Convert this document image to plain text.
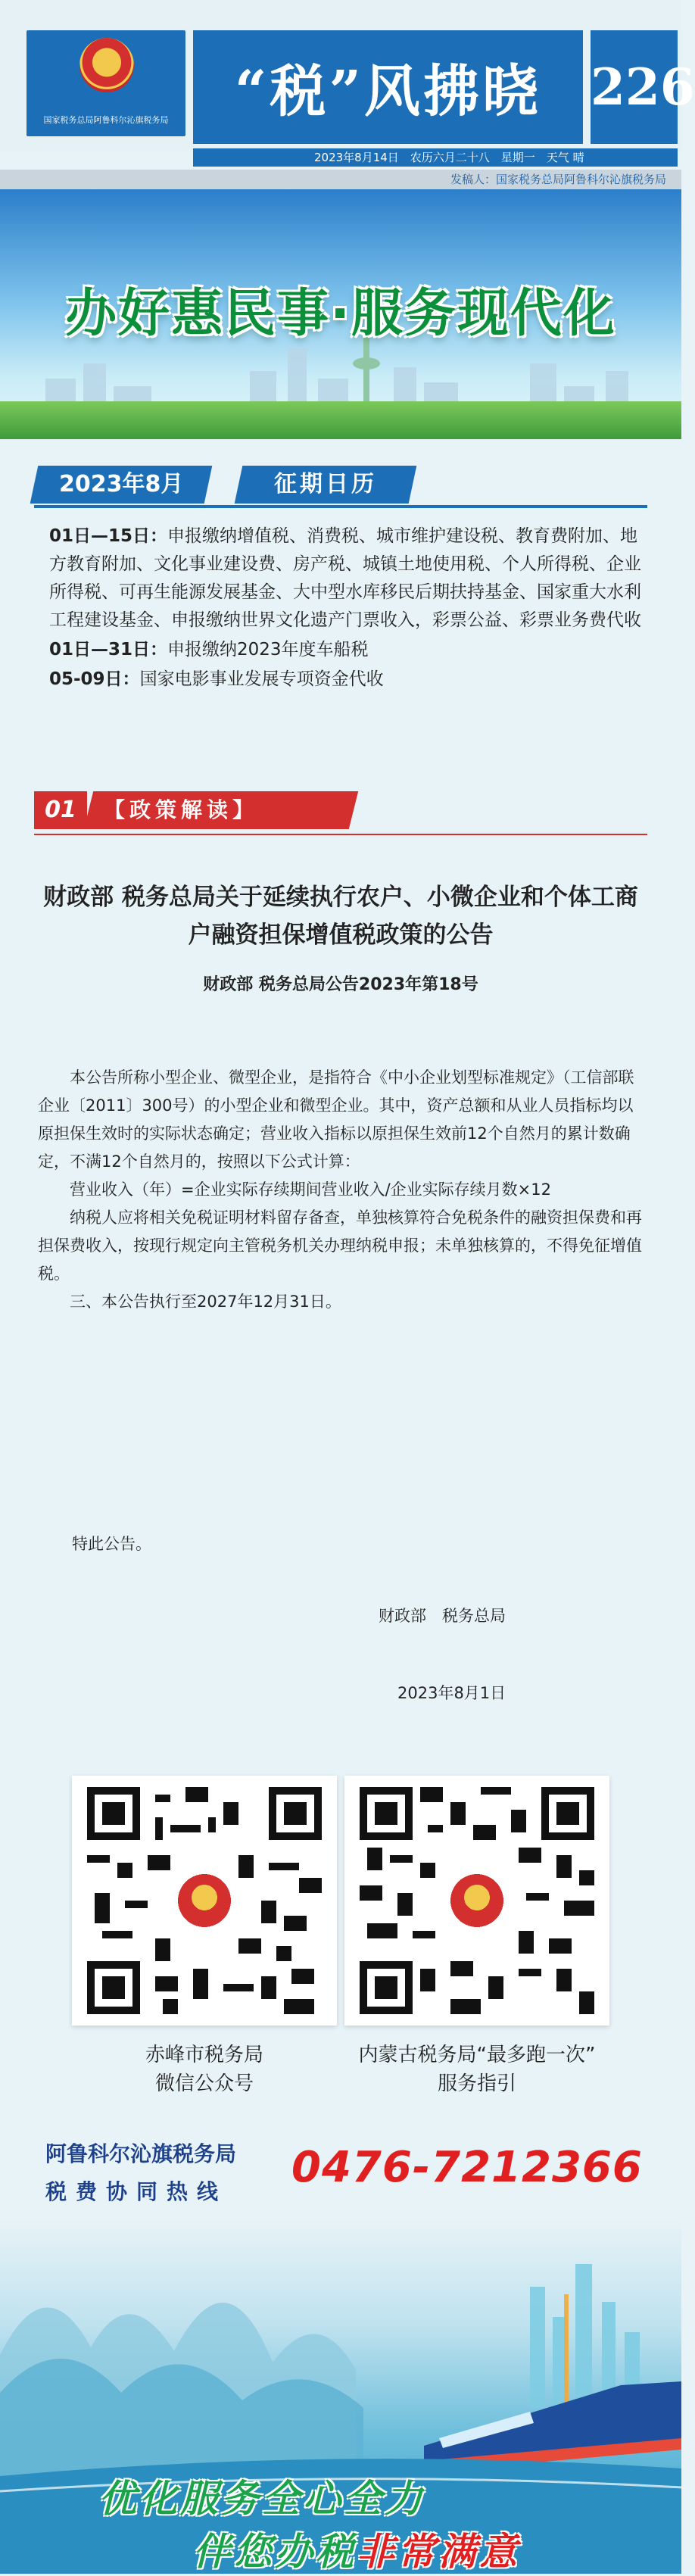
国家税务总局阿鲁科尔沁旗税务局	“税”风拂晓 226
2023年8月14日　农历六月二十八　星期一　天气 晴
发稿人：国家税务总局阿鲁科尔沁旗税务局
办好惠民事·服务现代化
2023年8月	征期日历
01日—15日：申报缴纳增值税、消费税、城市维护建设税、教育费附加、地方教育附加、文化事业建设费、房产税、城镇土地使用税、个人所得税、企业所得税、可再生能源发展基金、大中型水库移民后期扶持基金、国家重大水利工程建设基金、申报缴纳世界文化遗产门票收入，彩票公益、彩票业务费代收
01日—31日：申报缴纳2023年度车船税
05-09日：国家电影事业发展专项资金代收
01	【政策解读】
财政部 税务总局关于延续执行农户、小微企业和个体工商户融资担保增值税政策的公告
财政部 税务总局公告2023年第18号

本公告所称小型企业、微型企业，是指符合《中小企业划型标准规定》（工信部联企业〔2011〕300号）的小型企业和微型企业。其中，资产总额和从业人员指标均以原担保生效时的实际状态确定；营业收入指标以原担保生效前12个自然月的累计数确定，不满12个自然月的，按照以下公式计算：

营业收入（年）=企业实际存续期间营业收入/企业实际存续月数×12

纳税人应将相关免税证明材料留存备查，单独核算符合免税条件的融资担保费和再担保费收入，按现行规定向主管税务机关办理纳税申报；未单独核算的，不得免征增值税。

三、本公告执行至2027年12月31日。

特此公告。
财政部　税务总局
2023年8月1日
赤峰市税务局
微信公众号
内蒙古税务局“最多跑一次”
服务指引
阿鲁科尔沁旗税务局
税费协同热线 0476-7212366
优化服务全心全力
伴您办税非常满意
